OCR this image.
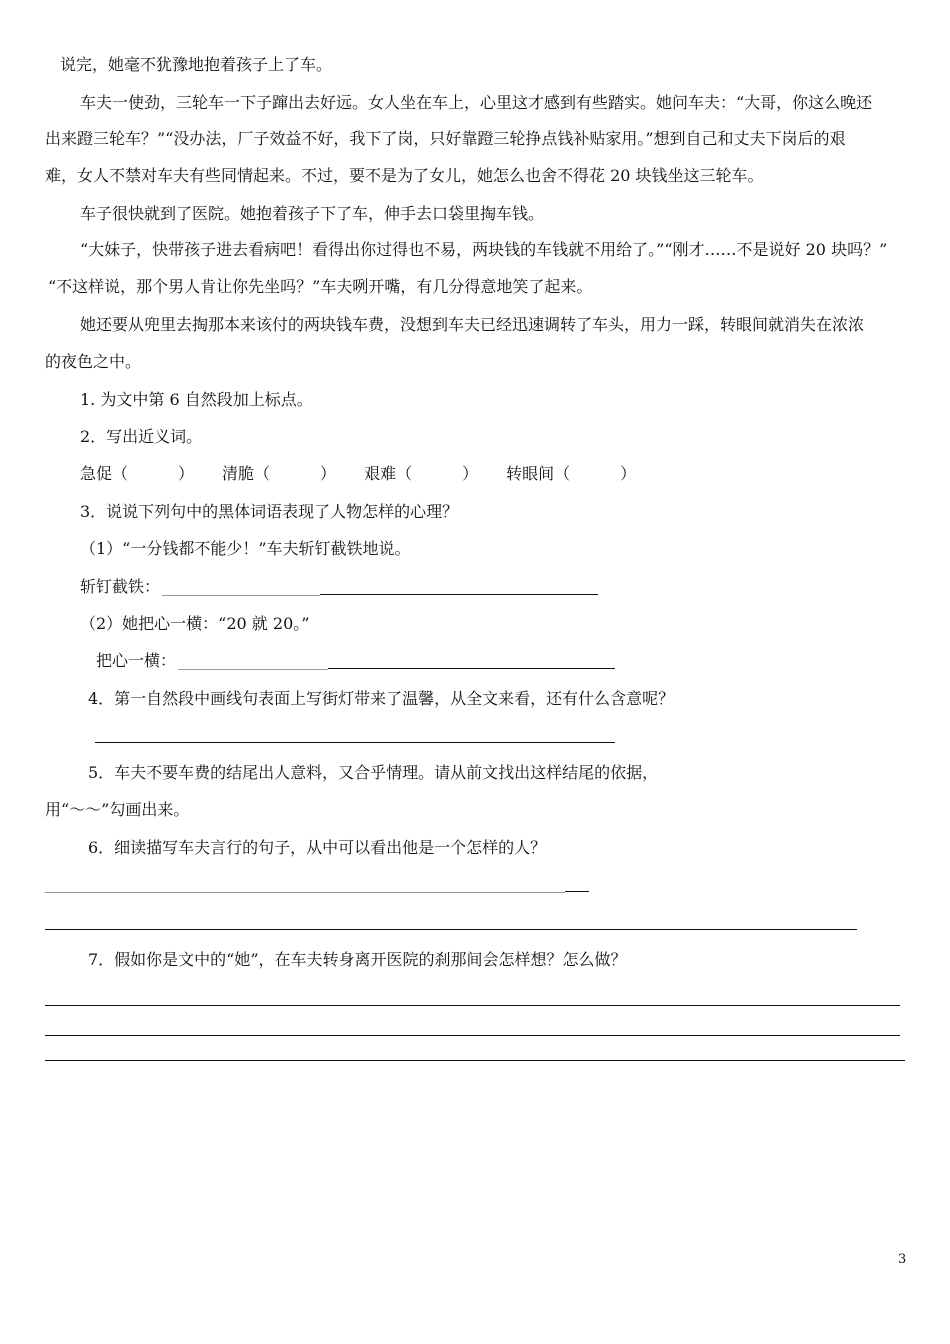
说完，她毫不犹豫地抱着孩子上了车。
车夫一使劲，三轮车一下子蹿出去好远。女人坐在车上，心里这才感到有些踏实。她问车夫：“大哥，你这么晚还
出来蹬三轮车？”“没办法，厂子效益不好，我下了岗，只好靠蹬三轮挣点钱补贴家用。”想到自己和丈夫下岗后的艰
难，女人不禁对车夫有些同情起来。不过，要不是为了女儿，她怎么也舍不得花 20 块钱坐这三轮车。
车子很快就到了医院。她抱着孩子下了车，伸手去口袋里掏车钱。
“大妹子，快带孩子进去看病吧！看得出你过得也不易，两块钱的车钱就不用给了。”“刚才……不是说好 20 块吗？”
“不这样说，那个男人肯让你先坐吗？”车夫咧开嘴，有几分得意地笑了起来。
她还要从兜里去掏那本来该付的两块钱车费，没想到车夫已经迅速调转了车头，用力一踩，转眼间就消失在浓浓
的夜色之中。
1. 为文中第 6 自然段加上标点。
2．写出近义词。
急促（	） 清脆（	） 艰难（	） 转眼间（	）
3．说说下列句中的黑体词语表现了人物怎样的心理？
（1）“一分钱都不能少！”车夫斩钉截铁地说。
斩钉截铁：
（2）她把心一横：“20 就 20。”
把心一横：
4．第一自然段中画线句表面上写街灯带来了温馨，从全文来看，还有什么含意呢？
5．车夫不要车费的结尾出人意料，又合乎情理。请从前文找出这样结尾的依据，
用“～～”勾画出来。
6．细读描写车夫言行的句子，从中可以看出他是一个怎样的人？
7．假如你是文中的“她”，在车夫转身离开医院的刹那间会怎样想？怎么做？
3
